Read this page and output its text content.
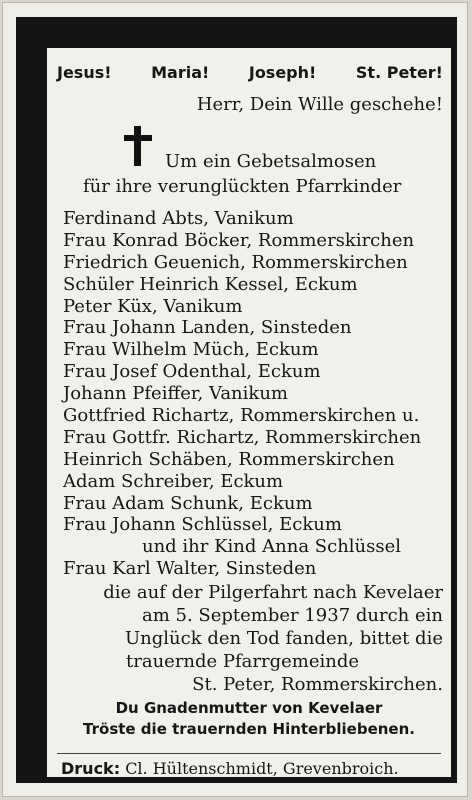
Jesus! Maria! Joseph! St. Peter!
Herr, Dein Wille geschehe!
Um ein Gebetsalmosen
für ihre verunglückten Pfarrkinder
Ferdinand Abts, Vanikum
Frau Konrad Böcker, Rommerskirchen
Friedrich Geuenich, Rommerskirchen
Schüler Heinrich Kessel, Eckum
Peter Küx, Vanikum
Frau Johann Landen, Sinsteden
Frau Wilhelm Müch, Eckum
Frau Josef Odenthal, Eckum
Johann Pfeiffer, Vanikum
Gottfried Richartz, Rommerskirchen u.
Frau Gottfr. Richartz, Rommerskirchen
Heinrich Schäben, Rommerskirchen
Adam Schreiber, Eckum
Frau Adam Schunk, Eckum
Frau Johann Schlüssel, Eckum
und ihr Kind Anna Schlüssel
Frau Karl Walter, Sinsteden
die auf der Pilgerfahrt nach Kevelaer
am 5. September 1937 durch ein
Unglück den Tod fanden, bittet die
trauernde Pfarrgemeinde
St. Peter, Rommerskirchen.
Du Gnadenmutter von Kevelaer
Tröste die trauernden Hinterbliebenen.
Druck: Cl. Hültenschmidt, Grevenbroich.
